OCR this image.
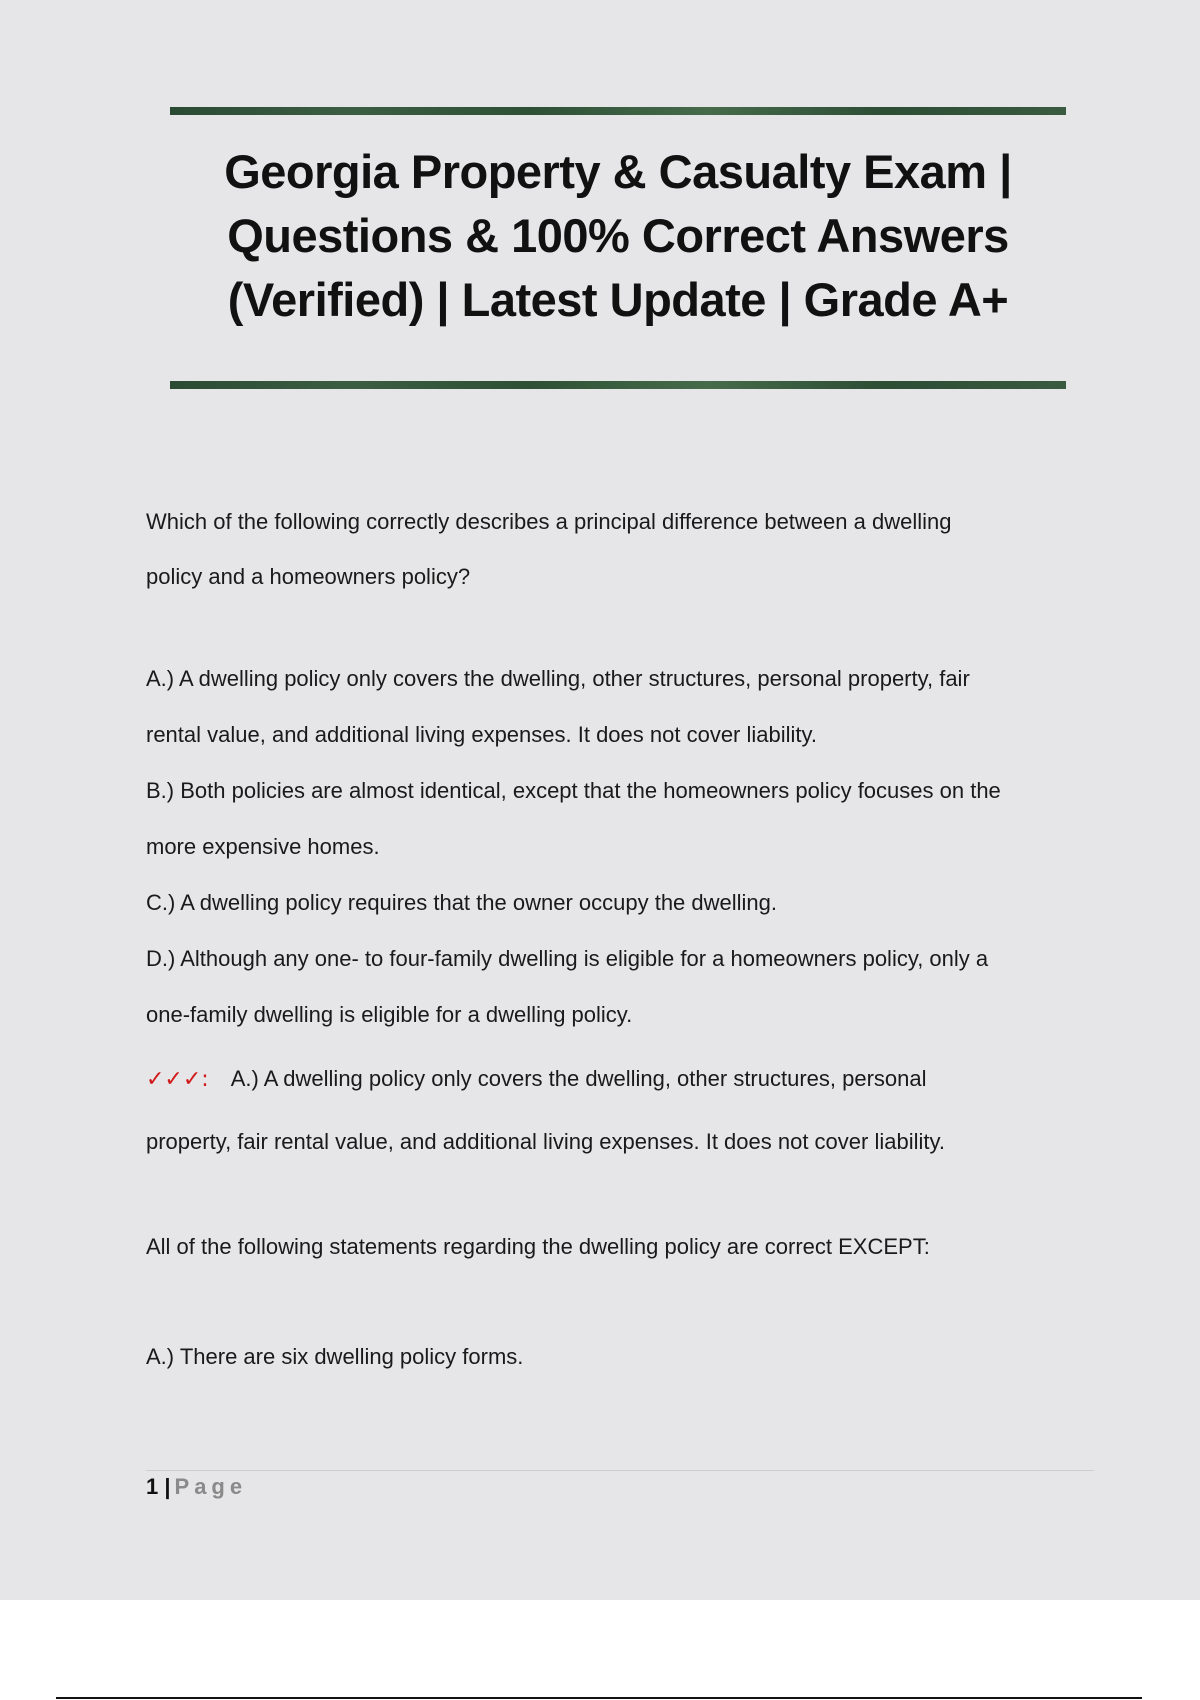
Georgia Property & Casualty Exam |
Questions & 100% Correct Answers
(Verified) | Latest Update | Grade A+
Which of the following correctly describes a principal difference between a dwelling
policy and a homeowners policy?
A.) A dwelling policy only covers the dwelling, other structures, personal property, fair
rental value, and additional living expenses. It does not cover liability.
B.) Both policies are almost identical, except that the homeowners policy focuses on the
more expensive homes.
C.) A dwelling policy requires that the owner occupy the dwelling.
D.) Although any one- to four-family dwelling is eligible for a homeowners policy, only a
one-family dwelling is eligible for a dwelling policy.
✓✓✓: A.) A dwelling policy only covers the dwelling, other structures, personal
property, fair rental value, and additional living expenses. It does not cover liability.
All of the following statements regarding the dwelling policy are correct EXCEPT:
A.) There are six dwelling policy forms.
1 | Page
